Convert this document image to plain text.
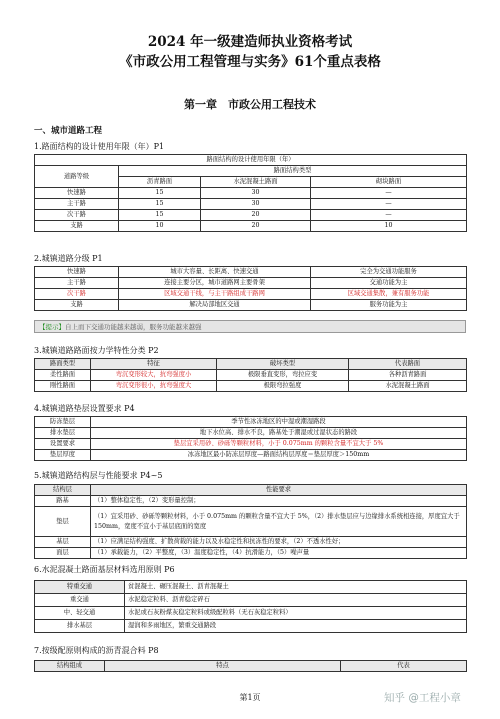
2024 年一级建造师执业资格考试
《市政公用工程管理与实务》61个重点表格
第一章　市政公用工程技术
一、城市道路工程
1.路面结构的设计使用年限（年）P1
路面结构的设计使用年限（年）			
道路等级	路面结构类型		
	沥青路面	水泥混凝土路面	砌块路面
快速路	15	30	—
主干路	15	30	—
次干路	15	20	—
支路	10	20	10
2.城镇道路分级 P1
快速路	城市大容量、长距离、快速交通	完全为交通功能服务
主干路	连接主要分区，城市道路网主要骨架	交通功能为主
次干路	区域交通干线，与主干路组成干路网	区域交通集散，兼有服务功能
支路	解决局部地区交通	服务功能为主
【提示】自上而下交通功能越来越弱，服务功能越来越强
3.城镇道路路面按力学特性分类 P2
路面类型	特征	破坏类型	代表路面
柔性路面	弯沉变形较大，抗弯强度小	极限垂直变形，弯拉应变	各种沥青路面
刚性路面	弯沉变形很小，抗弯强度大	极限弯拉强度	水泥混凝土路面
4.城镇道路垫层设置要求 P4
防冻垫层	季节性冰冻地区的中湿或潮湿路段
排水垫层	地下水位高、排水不良，路基处于潮湿或过湿状态的路段
设置要求	垫层宜采用砂、砂砾等颗粒材料，小于 0.075mm 的颗粒含量不宜大于 5%
垫层厚度	冰冻地区最小防冻层厚度—路面结构层厚度＝垫层厚度＞150mm
5.城镇道路结构层与性能要求 P4~5
结构层	性能要求
路基	（1）整体稳定性，（2）变形量控制；
垫层	（1）宜采用砂、砂砾等颗粒材料，小于 0.075mm 的颗粒含量不宜大于 5%，（2）排水垫层应与边缘排水系统相连接，厚度宜大于 150mm，宽度不宜小于基层底面的宽度
基层	（1）应满足结构强度、扩散荷载的能力以及水稳定性和抗冻性的要求，（2）不透水性好；
面层	（1）承载能力，（2）平整度，（3）温度稳定性，（4）抗滑能力，（5）噪声量
6.水泥混凝土路面基层材料选用原则 P6
特重交通	贫混凝土、碾压混凝土、沥青混凝土
重交通	水泥稳定粒料、沥青稳定碎石
中、轻交通	水泥或石灰粉煤灰稳定粒料或级配粒料（无石灰稳定粒料）
排水基层	湿润和多雨地区，繁重交通路段
7.按级配原则构成的沥青混合料 P8
结构组成	特点	代表
第1页	知乎 @工程小章
